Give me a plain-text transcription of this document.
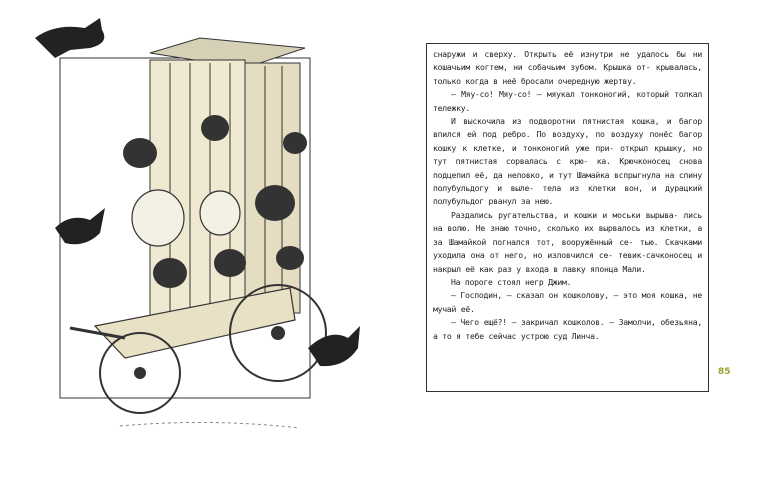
снаружи и сверху. Открыть её изнутри не удалось бы ни кошачьим когтем, ни собачьим зубом. Крышка от- крывалась, только когда в неё бросали очередную жертву.

— Мяу-со! Мяу-со! — мяукал тонконогий, который толкал тележку.

И выскочила из подворотни пятнистая кошка, и багор впился ей под ребро. По воздуху, по воздуху понёс багор кошку к клетке, и тонконогий уже при- открыл крышку, но тут пятнистая сорвалась с крю- ка. Крючконосец снова подцепил её, да неловко, и тут Шамайка вспрыгнула на спину полубульдогу и выле- тела из клетки вон, и дурацкий полубульдог рванул за нею.

Раздались ругательства, и кошки и моськи вырыва- лись на волю. Не знаю точно, сколько их вырвалось из клетки, а за Шамайкой погнался тот, вооружённый се- тью. Скачками уходила она от него, но изловчился се- тевик-сачконосец и накрыл её как раз у входа в лавку японца Мали.

На пороге стоял негр Джим.

— Господин, — сказал он кошколову, — это моя кошка, не мучай её.

— Чего ещё?! — закричал кошколов. — Замолчи, обезьяна, а то я тебе сейчас устрою суд Линча.

85
